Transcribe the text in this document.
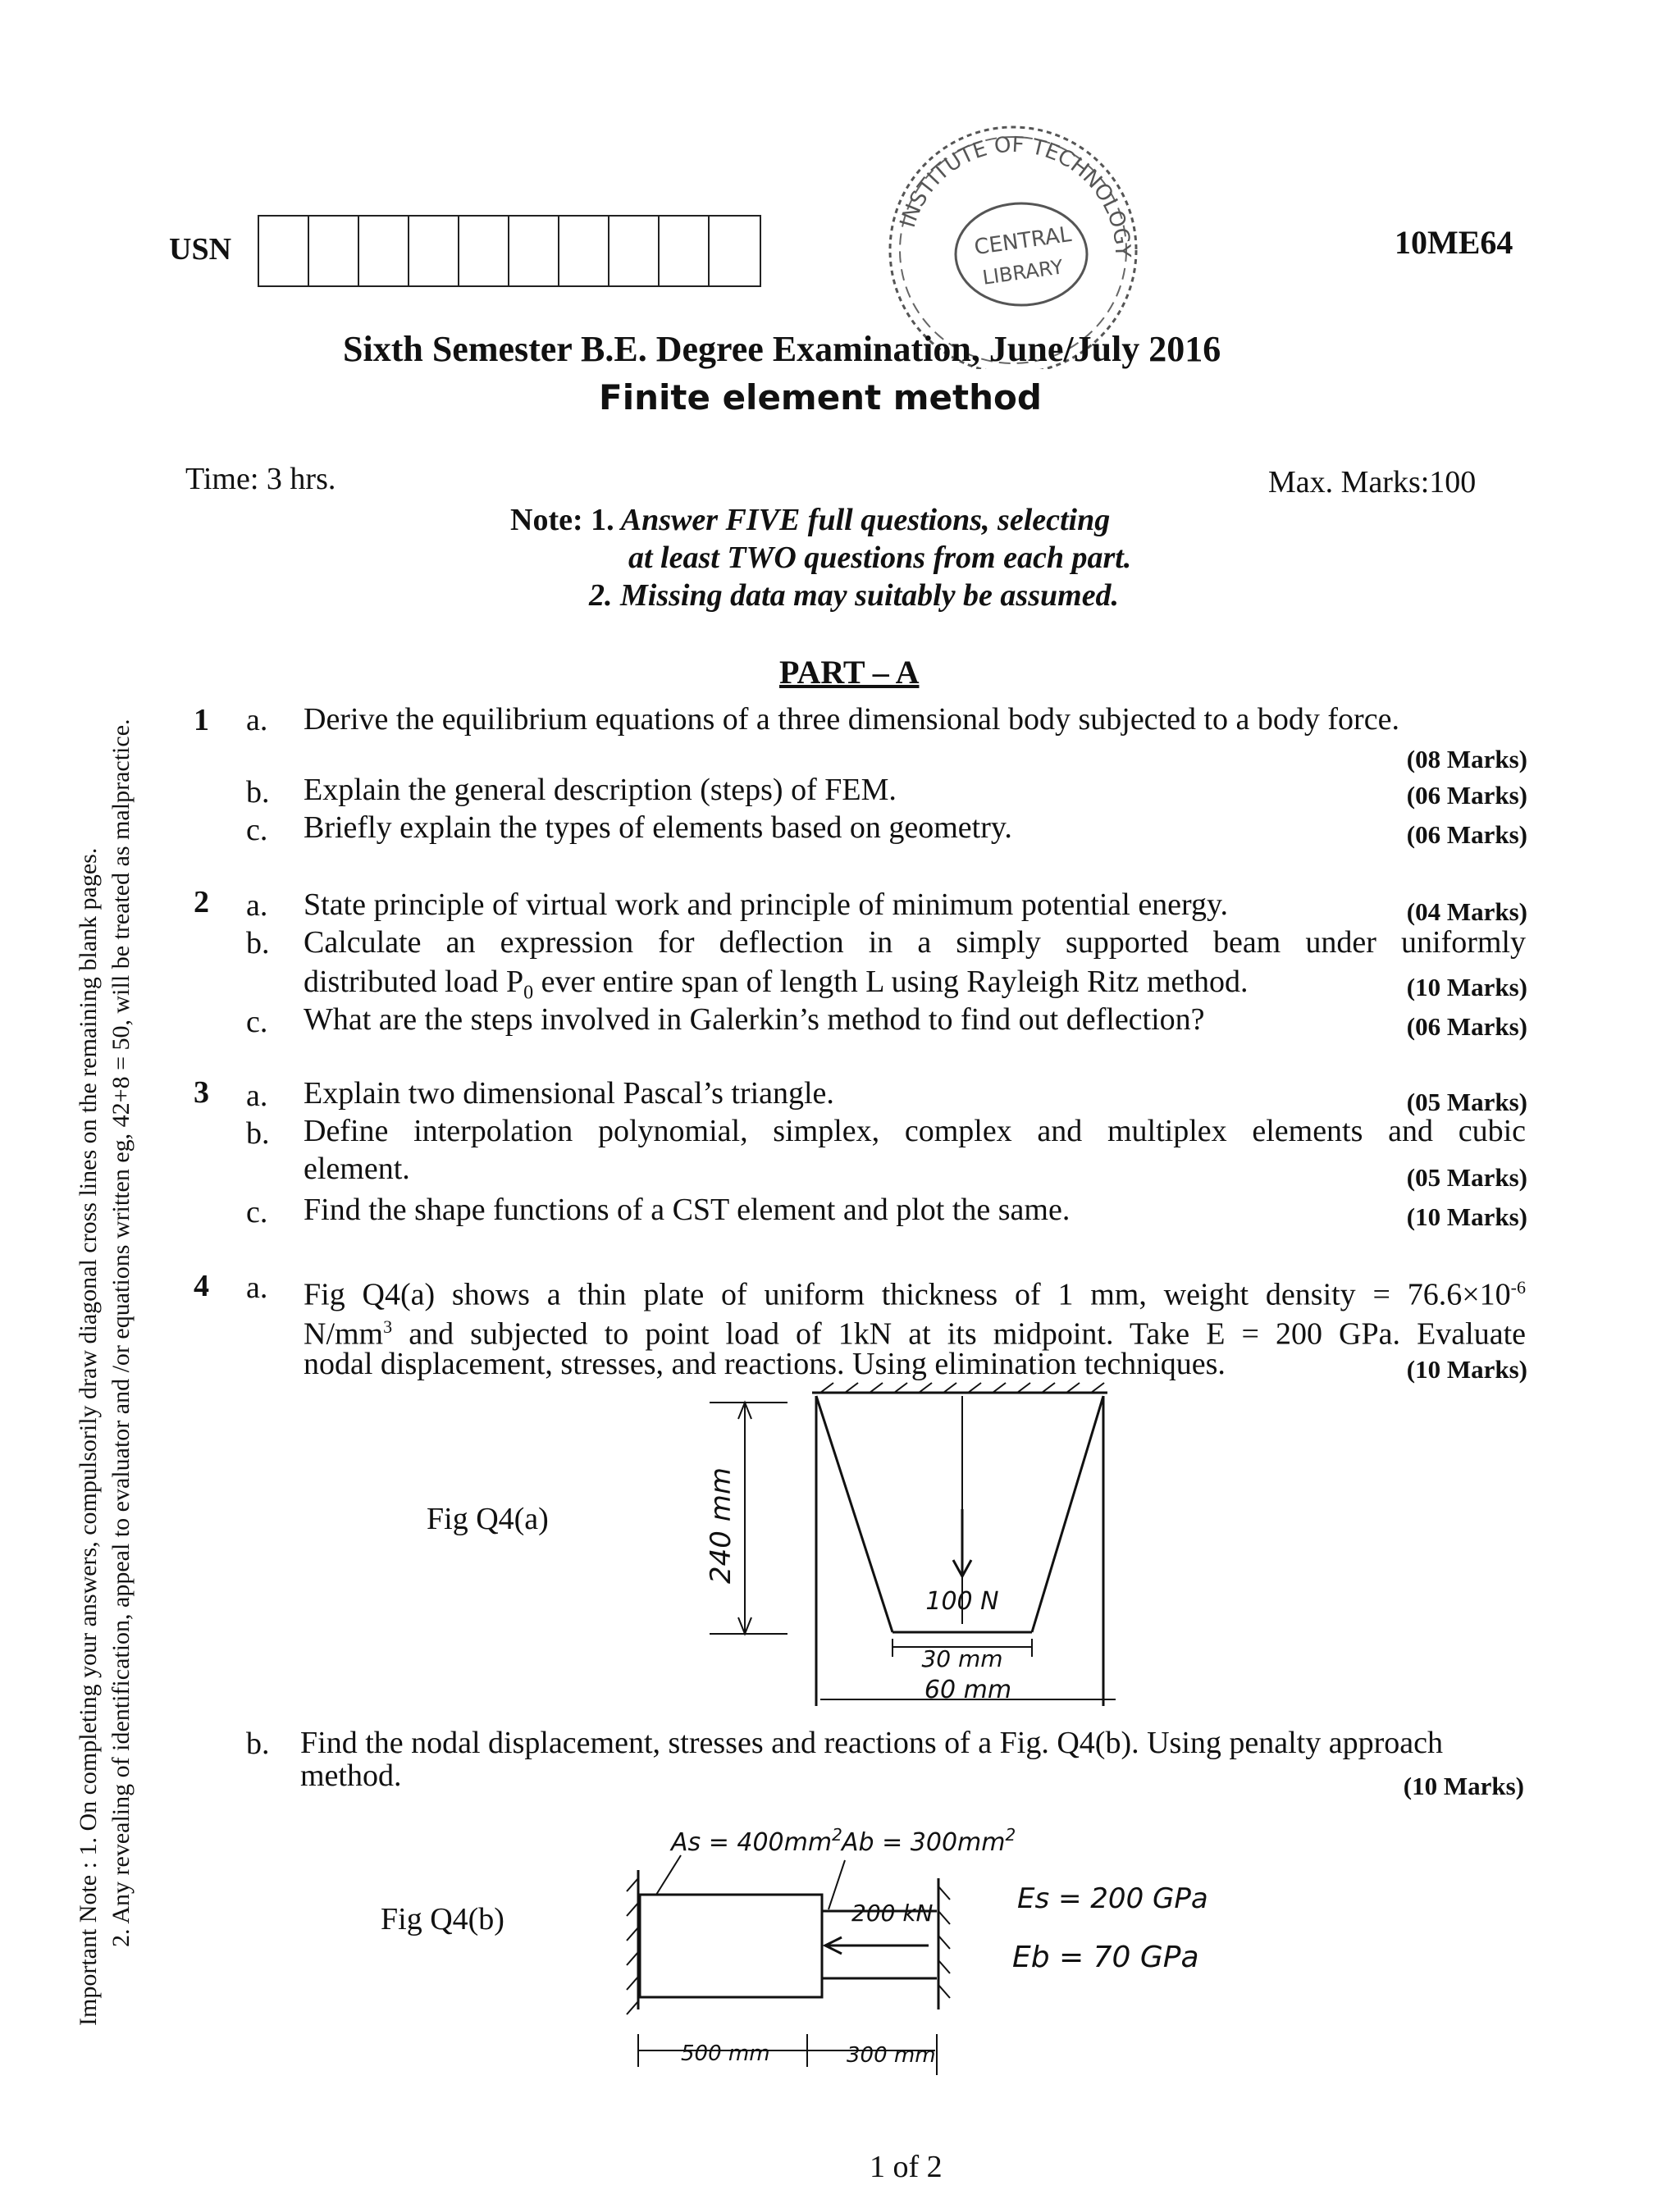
Important Note : 1. On completing your answers, compulsorily draw diagonal cross lines on the remaining blank pages. 2. Any revealing of identification, appeal to evaluator and /or equations written eg, 42+8 = 50, will be treated as malpractice.
USN
INSTITUTE OF TECHNOLOGY
CENTRAL
LIBRARY
10ME64
Sixth Semester B.E. Degree Examination, June/July 2016
Finite element method
Time: 3 hrs.	Max. Marks:100
Note: 1. Answer FIVE full questions, selecting
at least TWO questions from each part.
2. Missing data may suitably be assumed.
PART – A
1 a. Derive the equilibrium equations of a three dimensional body subjected to a body force.
(08 Marks)
b. Explain the general description (steps) of FEM.	(06 Marks)
c. Briefly explain the types of elements based on geometry.	(06 Marks)
2 a. State principle of virtual work and principle of minimum potential energy.	(04 Marks)
b. Calculate an expression for deflection in a simply supported beam under uniformly
distributed load $P_0$ ever entire span of length L using Rayleigh Ritz method.	(10 Marks)
c. What are the steps involved in Galerkin’s method to find out deflection?	(06 Marks)
3 a. Explain two dimensional Pascal’s triangle.	(05 Marks)
b. Define interpolation polynomial, simplex, complex and multiplex elements and cubic
element.	(05 Marks)
c. Find the shape functions of a CST element and plot the same.	(10 Marks)
4 a. Fig Q4(a) shows a thin plate of uniform thickness of 1 mm, weight density = $76.6\times 10^{-6}$
$N/mm^3$ and subjected to point load of 1kN at its midpoint. Take E = 200 GPa. Evaluate
nodal displacement, stresses, and reactions. Using elimination techniques.	(10 Marks)
Fig Q4(a)	240 mm
100 N
30 mm
60 mm
b. Find the nodal displacement, stresses and reactions of a Fig. Q4(b). Using penalty approach
method.	(10 Marks)
Fig Q4(b)
$As = 400mm^2$ $Ab = 300mm^2$
200 kN	Es = 200 GPa
Eb = 70 GPa
500 mm	300 mm
1 of 2
